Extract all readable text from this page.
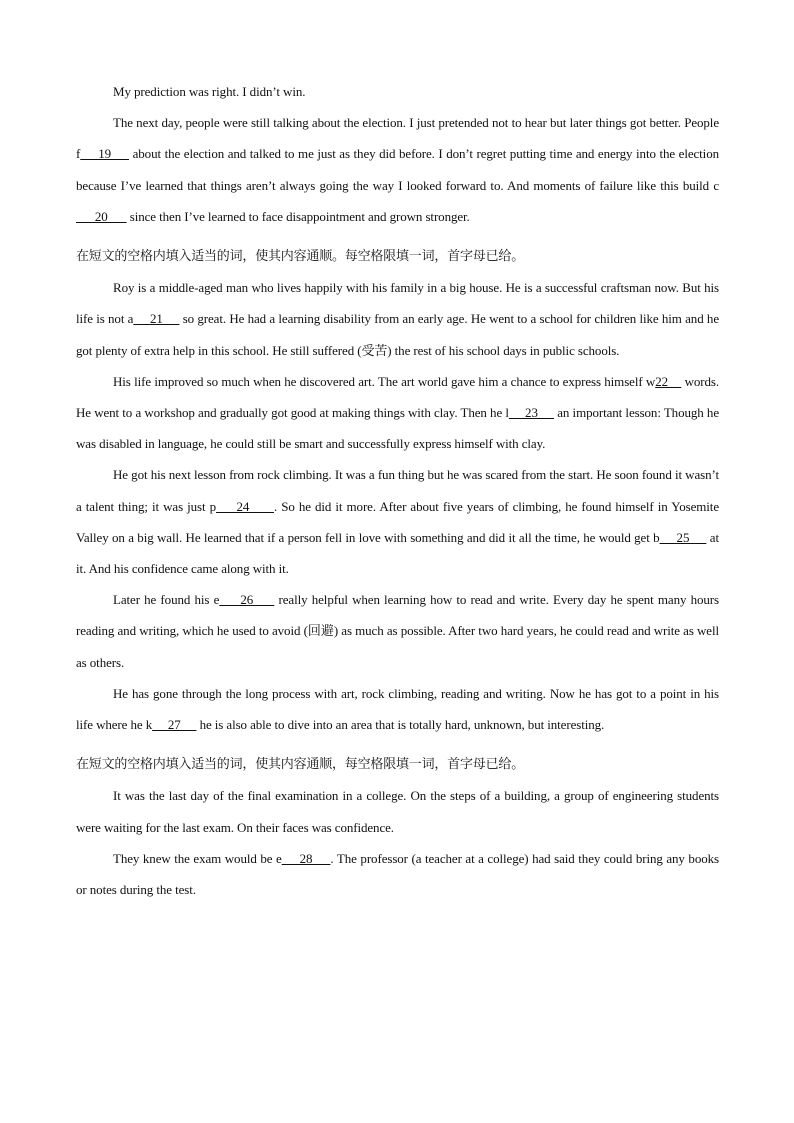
My prediction was right. I didn’t win.

The next day, people were still talking about the election. I just pretended not to hear but later things got better. People f     19      about the election and talked to me just as they did before. I don’t regret putting time and energy into the election because I’ve learned that things aren’t always going the way I looked forward to. And moments of failure like this build c      20       since then I’ve learned to face disappointment and grown stronger.

在短文的空格内填入适当的词，使其内容通顺。每空格限填一词，首字母已给。

Roy is a middle-aged man who lives happily with his family in a big house. He is a successful craftsman now. But his life is not a     21      so great. He had a learning disability from an early age. He went to a school for children like him and he got plenty of extra help in this school. He still suffered (受苦) the rest of his school days in public schools.

His life improved so much when he discovered art. The art world gave him a chance to express himself w22     words. He went to a workshop and gradually got good at making things with clay. Then he l     23      an important lesson: Though he was disabled in language, he could still be smart and successfully express himself with clay.

He got his next lesson from rock climbing. It was a fun thing but he was scared from the start. He soon found it wasn’t a talent thing; it was just p     24      . So he did it more. After about five years of climbing, he found himself in Yosemite Valley on a big wall. He learned that if a person fell in love with something and did it all the time, he would get b     25      at it. And his confidence came along with it.

Later he found his e     26      really helpful when learning how to read and write. Every day he spent many hours reading and writing, which he used to avoid (回避) as much as possible. After two hard years, he could read and write as well as others.

He has gone through the long process with art, rock climbing, reading and writing. Now he has got to a point in his life where he k     27      he is also able to dive into an area that is totally hard, unknown, but interesting.

在短文的空格内填入适当的词，使其内容通顺，每空格限填一词，首字母已给。

It was the last day of the final examination in a college. On the steps of a building, a group of engineering students were waiting for the last exam. On their faces was confidence.

They knew the exam would be e     28     . The professor (a teacher at a college) had said they could bring any books or notes during the test.
